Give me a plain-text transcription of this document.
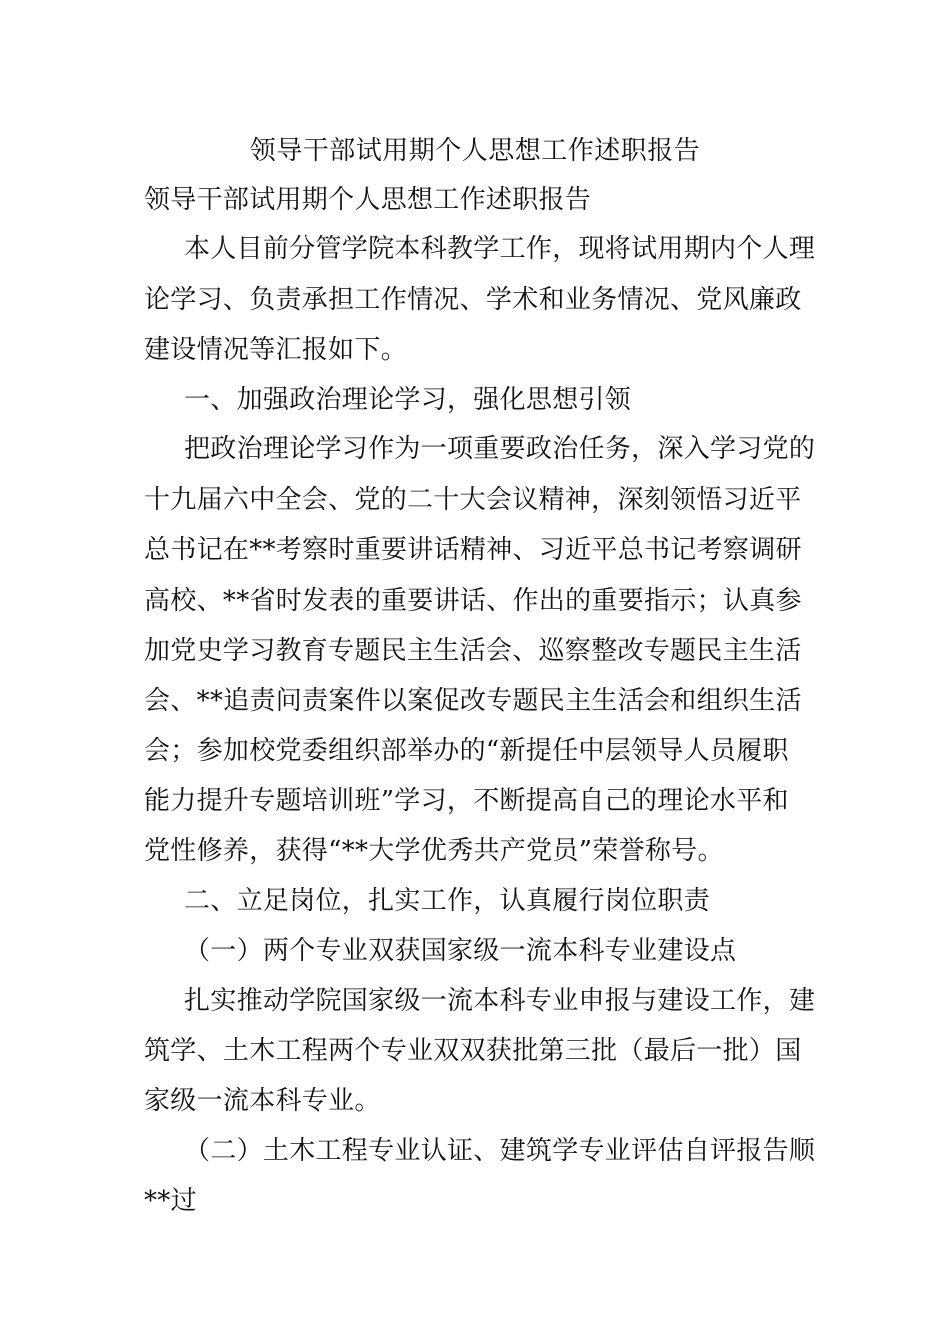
领导干部试用期个人思想工作述职报告
领导干部试用期个人思想工作述职报告
本人目前分管学院本科教学工作，现将试用期内个人理
论学习、负责承担工作情况、学术和业务情况、党风廉政
建设情况等汇报如下。
一、加强政治理论学习，强化思想引领
把政治理论学习作为一项重要政治任务，深入学习党的
十九届六中全会、党的二十大会议精神，深刻领悟习近平
总书记在**考察时重要讲话精神、习近平总书记考察调研
高校、**省时发表的重要讲话、作出的重要指示；认真参
加党史学习教育专题民主生活会、巡察整改专题民主生活
会、**追责问责案件以案促改专题民主生活会和组织生活
会；参加校党委组织部举办的“新提任中层领导人员履职
能力提升专题培训班”学习，不断提高自己的理论水平和
党性修养，获得“**大学优秀共产党员”荣誉称号。
二、立足岗位，扎实工作，认真履行岗位职责
（一）两个专业双获国家级一流本科专业建设点
扎实推动学院国家级一流本科专业申报与建设工作，建
筑学、土木工程两个专业双双获批第三批（最后一批）国
家级一流本科专业。
（二）土木工程专业认证、建筑学专业评估自评报告顺
**过
